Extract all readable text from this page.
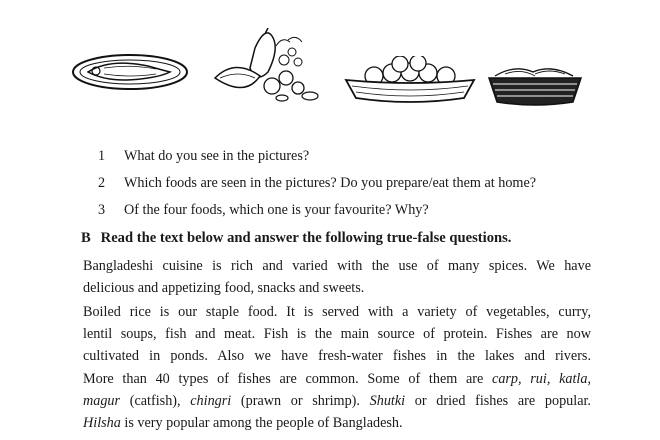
1	What do you see in the pictures?
2	Which foods are seen in the pictures? Do you prepare/eat them at home?
3	Of the four foods, which one is your favourite? Why?
B Read the text below and answer the following true-false questions.
Bangladeshi cuisine is rich and varied with the use of many spices. We have
delicious and appetizing food, snacks and sweets.
Boiled rice is our staple food. It is served with a variety of vegetables, curry,
lentil soups, fish and meat. Fish is the main source of protein. Fishes are now
cultivated in ponds. Also we have fresh-water fishes in the lakes and rivers.
More than 40 types of fishes are common. Some of them are carp, rui, katla,
magur (catfish), chingri (prawn or shrimp). Shutki or dried fishes are popular.
Hilsha is very popular among the people of Bangladesh.
